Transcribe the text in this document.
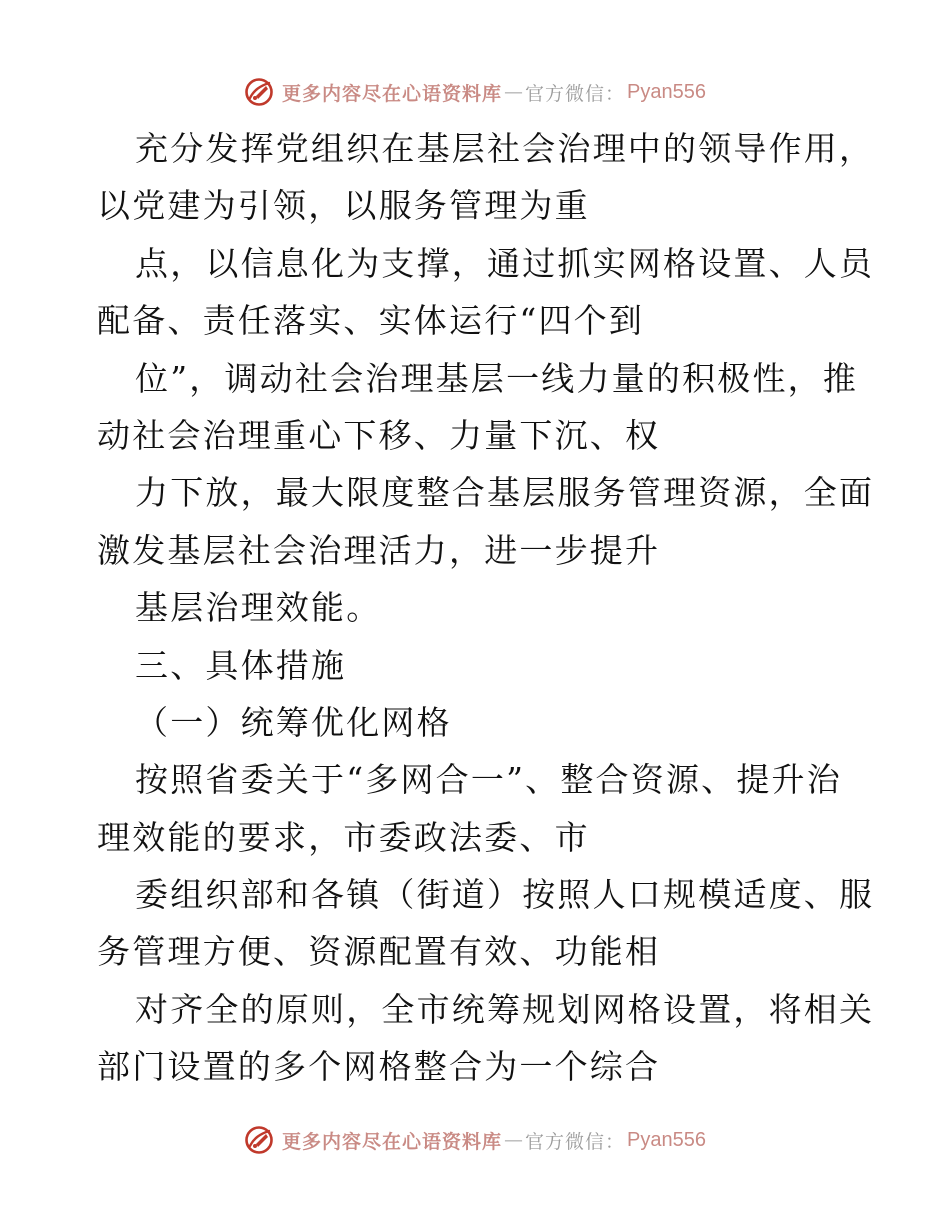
更多内容尽在心语资料库 — 官方微信： Pyan556
充分发挥党组织在基层社会治理中的领导作用，
以党建为引领，以服务管理为重
点，以信息化为支撑，通过抓实网格设置、人员
配备、责任落实、实体运行“四个到
位”，调动社会治理基层一线力量的积极性，推
动社会治理重心下移、力量下沉、权
力下放，最大限度整合基层服务管理资源，全面
激发基层社会治理活力，进一步提升
基层治理效能。
三、具体措施
（一）统筹优化网格
按照省委关于“多网合一”、整合资源、提升治
理效能的要求，市委政法委、市
委组织部和各镇（街道）按照人口规模适度、服
务管理方便、资源配置有效、功能相
对齐全的原则，全市统筹规划网格设置，将相关
部门设置的多个网格整合为一个综合
更多内容尽在心语资料库 — 官方微信： Pyan556
